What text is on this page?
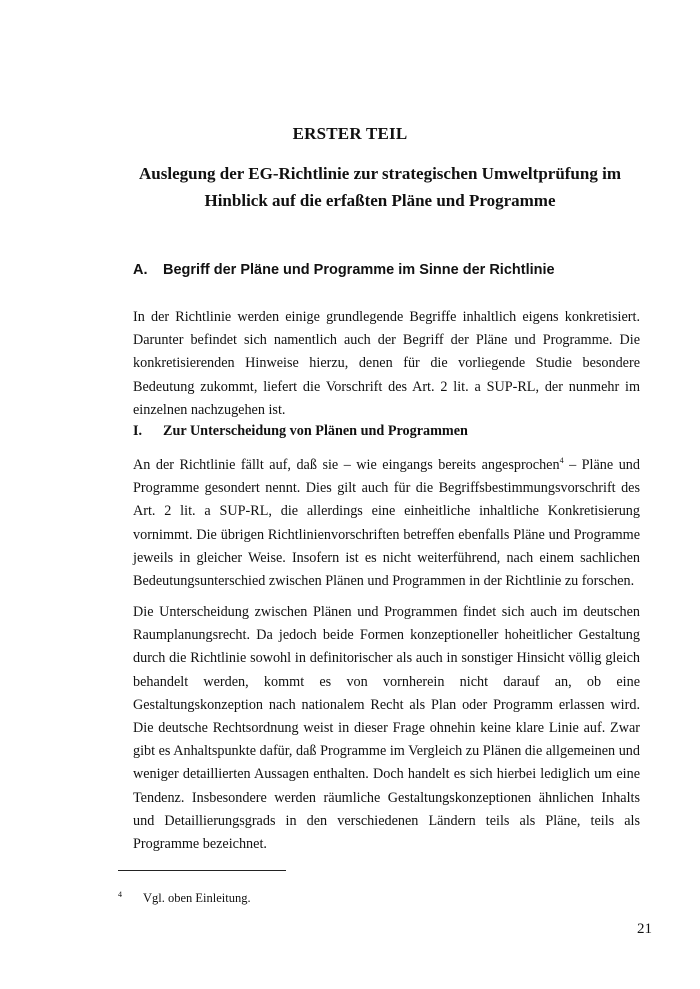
ERSTER TEIL
Auslegung der EG-Richtlinie zur strategischen Umweltprüfung im Hinblick auf die erfaßten Pläne und Programme
A. Begriff der Pläne und Programme im Sinne der Richtlinie

In der Richtlinie werden einige grundlegende Begriffe inhaltlich eigens konkretisiert. Darunter befindet sich namentlich auch der Begriff der Pläne und Programme. Die konkretisierenden Hinweise hierzu, denen für die vorliegende Studie besondere Bedeutung zukommt, liefert die Vorschrift des Art. 2 lit. a SUP-RL, der nunmehr im einzelnen nachzugehen ist.

I. Zur Unterscheidung von Plänen und Programmen

An der Richtlinie fällt auf, daß sie – wie eingangs bereits angesprochen$^4$ – Pläne und Programme gesondert nennt. Dies gilt auch für die Begriffsbestimmungsvorschrift des Art. 2 lit. a SUP-RL, die allerdings eine einheitliche inhaltliche Konkretisierung vornimmt. Die übrigen Richtlinienvorschriften betreffen ebenfalls Pläne und Programme jeweils in gleicher Weise. Insofern ist es nicht weiterführend, nach einem sachlichen Bedeutungsunterschied zwischen Plänen und Programmen in der Richtlinie zu forschen.

Die Unterscheidung zwischen Plänen und Programmen findet sich auch im deutschen Raumplanungsrecht. Da jedoch beide Formen konzeptioneller hoheitlicher Gestaltung durch die Richtlinie sowohl in definitorischer als auch in sonstiger Hinsicht völlig gleich behandelt werden, kommt es von vornherein nicht darauf an, ob eine Gestaltungskonzeption nach nationalem Recht als Plan oder Programm erlassen wird. Die deutsche Rechtsordnung weist in dieser Frage ohnehin keine klare Linie auf. Zwar gibt es Anhaltspunkte dafür, daß Programme im Vergleich zu Plänen die allgemeinen und weniger detaillierten Aussagen enthalten. Doch handelt es sich hierbei lediglich um eine Tendenz. Insbesondere werden räumliche Gestaltungskonzeptionen ähnlichen Inhalts und Detaillierungsgrads in den verschiedenen Ländern teils als Pläne, teils als Programme bezeichnet.

4 Vgl. oben Einleitung.
21
